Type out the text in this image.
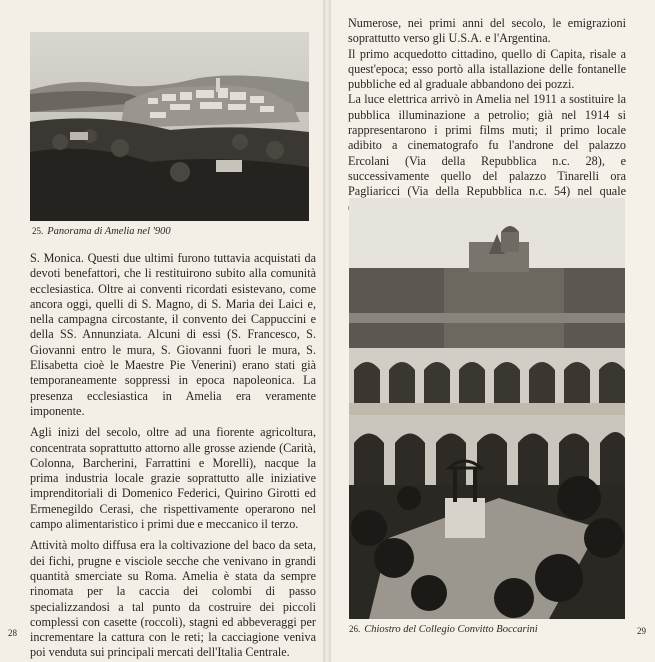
25. Panorama di Amelia nel '900

S. Monica. Questi due ultimi furono tuttavia acquistati da devoti benefattori, che li restituirono subito alla comunità ecclesiastica. Oltre ai conventi ricordati esistevano, come ancora oggi, quelli di S. Magno, di S. Maria dei Laici e, nella campagna circostante, il convento dei Cappuccini e della SS. Annunziata. Alcuni di essi (S. Francesco, S. Giovanni entro le mura, S. Giovanni fuori le mura, S. Elisabetta cioè le Maestre Pie Venerini) erano stati già temporaneamente soppressi in epoca napoleonica. La presenza ecclesiastica in Amelia era veramente imponente.

Agli inizi del secolo, oltre ad una fiorente agricoltura, concentrata soprattutto attorno alle grosse aziende (Carità, Colonna, Barcherini, Farrattini e Morelli), nacque la prima industria locale grazie soprattutto alle iniziative imprenditoriali di Domenico Federici, Quirino Girotti ed Ermenegildo Cerasi, che rispettivamente operarono nel campo alimentaristico i primi due e meccanico il terzo.

Attività molto diffusa era la coltivazione del baco da seta, dei fichi, prugne e visciole secche che venivano in grandi quantità smerciate su Roma. Amelia è stata da sempre rinomata per la caccia dei colombi di passo specializzandosi a tal punto da costruire dei piccoli complessi con casette (roccoli), stagni ed abbeveraggi per incrementare la cattura con le reti; la cacciagione veniva poi venduta sui principali mercati dell'Italia Centrale.

28

Numerose, nei primi anni del secolo, le emigrazioni soprattutto verso gli U.S.A. e l'Argentina.

Il primo acquedotto cittadino, quello di Capita, risale a quest'epoca; esso portò alla istallazione delle fontanelle pubbliche ed al graduale abbandono dei pozzi.

La luce elettrica arrivò in Amelia nel 1911 a sostituire la pubblica illuminazione a petrolio; già nel 1914 si rappresentarono i primi films muti; il primo locale adibito a cinematografo fu l'androne del palazzo Ercolani (Via della Repubblica n.c. 28), e successivamente quello del palazzo Tinarelli ora Pagliaricci (Via della Repubblica n.c. 54) nel quale

26. Chiostro del Collegio Convitto Boccarini	29
